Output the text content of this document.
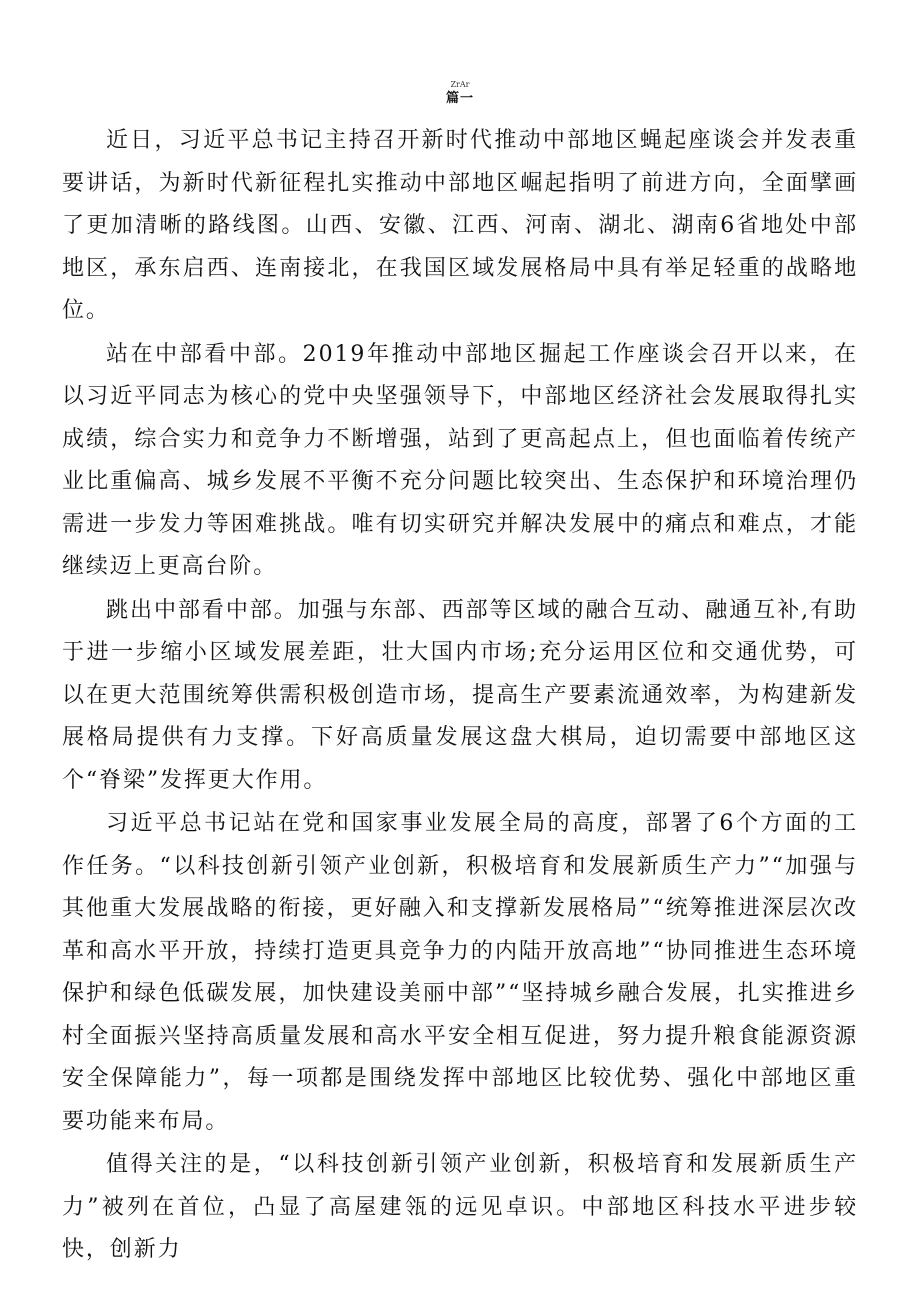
ZrAr
篇一

近日，习近平总书记主持召开新时代推动中部地区蝇起座谈会并发表重要讲话，为新时代新征程扎实推动中部地区崛起指明了前进方向，全面擘画了更加清晰的路线图。山西、安徽、江西、河南、湖北、湖南6省地处中部地区，承东启西、连南接北，在我国区域发展格局中具有举足轻重的战略地位。

站在中部看中部。2019年推动中部地区掘起工作座谈会召开以来，在以习近平同志为核心的党中央坚强领导下，中部地区经济社会发展取得扎实成绩，综合实力和竞争力不断增强，站到了更高起点上，但也面临着传统产业比重偏高、城乡发展不平衡不充分问题比较突出、生态保护和环境治理仍需进一步发力等困难挑战。唯有切实研究并解决发展中的痛点和难点，才能继续迈上更高台阶。

跳出中部看中部。加强与东部、西部等区域的融合互动、融通互补,有助于进一步缩小区域发展差距，壮大国内市场;充分运用区位和交通优势，可以在更大范围统筹供需积极创造市场，提高生产要素流通效率，为构建新发展格局提供有力支撑。下好高质量发展这盘大棋局，迫切需要中部地区这个“脊梁”发挥更大作用。

习近平总书记站在党和国家事业发展全局的高度，部署了6个方面的工作任务。“以科技创新引领产业创新，积极培育和发展新质生产力”“加强与其他重大发展战略的衔接，更好融入和支撑新发展格局”“统筹推进深层次改革和高水平开放，持续打造更具竞争力的内陆开放高地”“协同推进生态环境保护和绿色低碳发展，加快建设美丽中部”“坚持城乡融合发展，扎实推进乡村全面振兴坚持高质量发展和高水平安全相互促进，努力提升粮食能源资源安全保障能力”，每一项都是围绕发挥中部地区比较优势、强化中部地区重要功能来布局。

值得关注的是，“以科技创新引领产业创新，积极培育和发展新质生产力”被列在首位，凸显了高屋建瓴的远见卓识。中部地区科技水平进步较快，创新力
